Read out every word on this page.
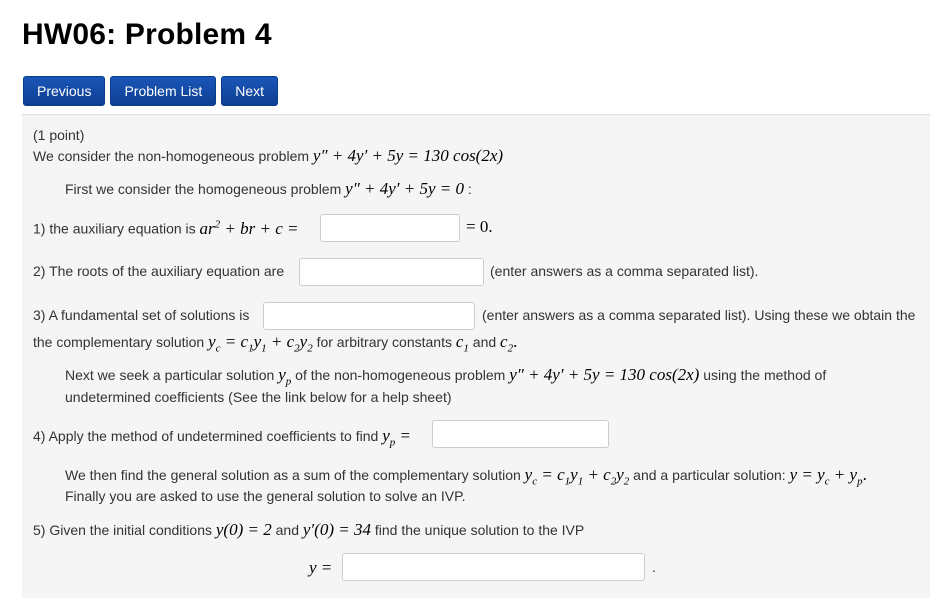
HW06: Problem 4
Previous	Problem List	Next
(1 point)
We consider the non-homogeneous problem y″ + 4y′ + 5y = 130 cos(2x)
First we consider the homogeneous problem y″ + 4y′ + 5y = 0 :
1) the auxiliary equation is $ar^2$ + br + c =	= 0.
2) The roots of the auxiliary equation are	(enter answers as a comma separated list).
3) A fundamental set of solutions is	(enter answers as a comma separated list). Using these we obtain the
the complementary solution $y_c = c_1y_1 + c_2y_2$ for arbitrary constants $c_1$ and $c_2$.
Next we seek a particular solution $y_p$ of the non-homogeneous problem y″ + 4y′ + 5y = 130 cos(2x) using the method of
undetermined coefficients (See the link below for a help sheet)
4) Apply the method of undetermined coefficients to find $y_p$ =
We then find the general solution as a sum of the complementary solution $y_c = c_1y_1 + c_2y_2$ and a particular solution: $y = y_c + y_p$.
Finally you are asked to use the general solution to solve an IVP.
5) Given the initial conditions y(0) = 2 and y′(0) = 34 find the unique solution to the IVP
y =	.
